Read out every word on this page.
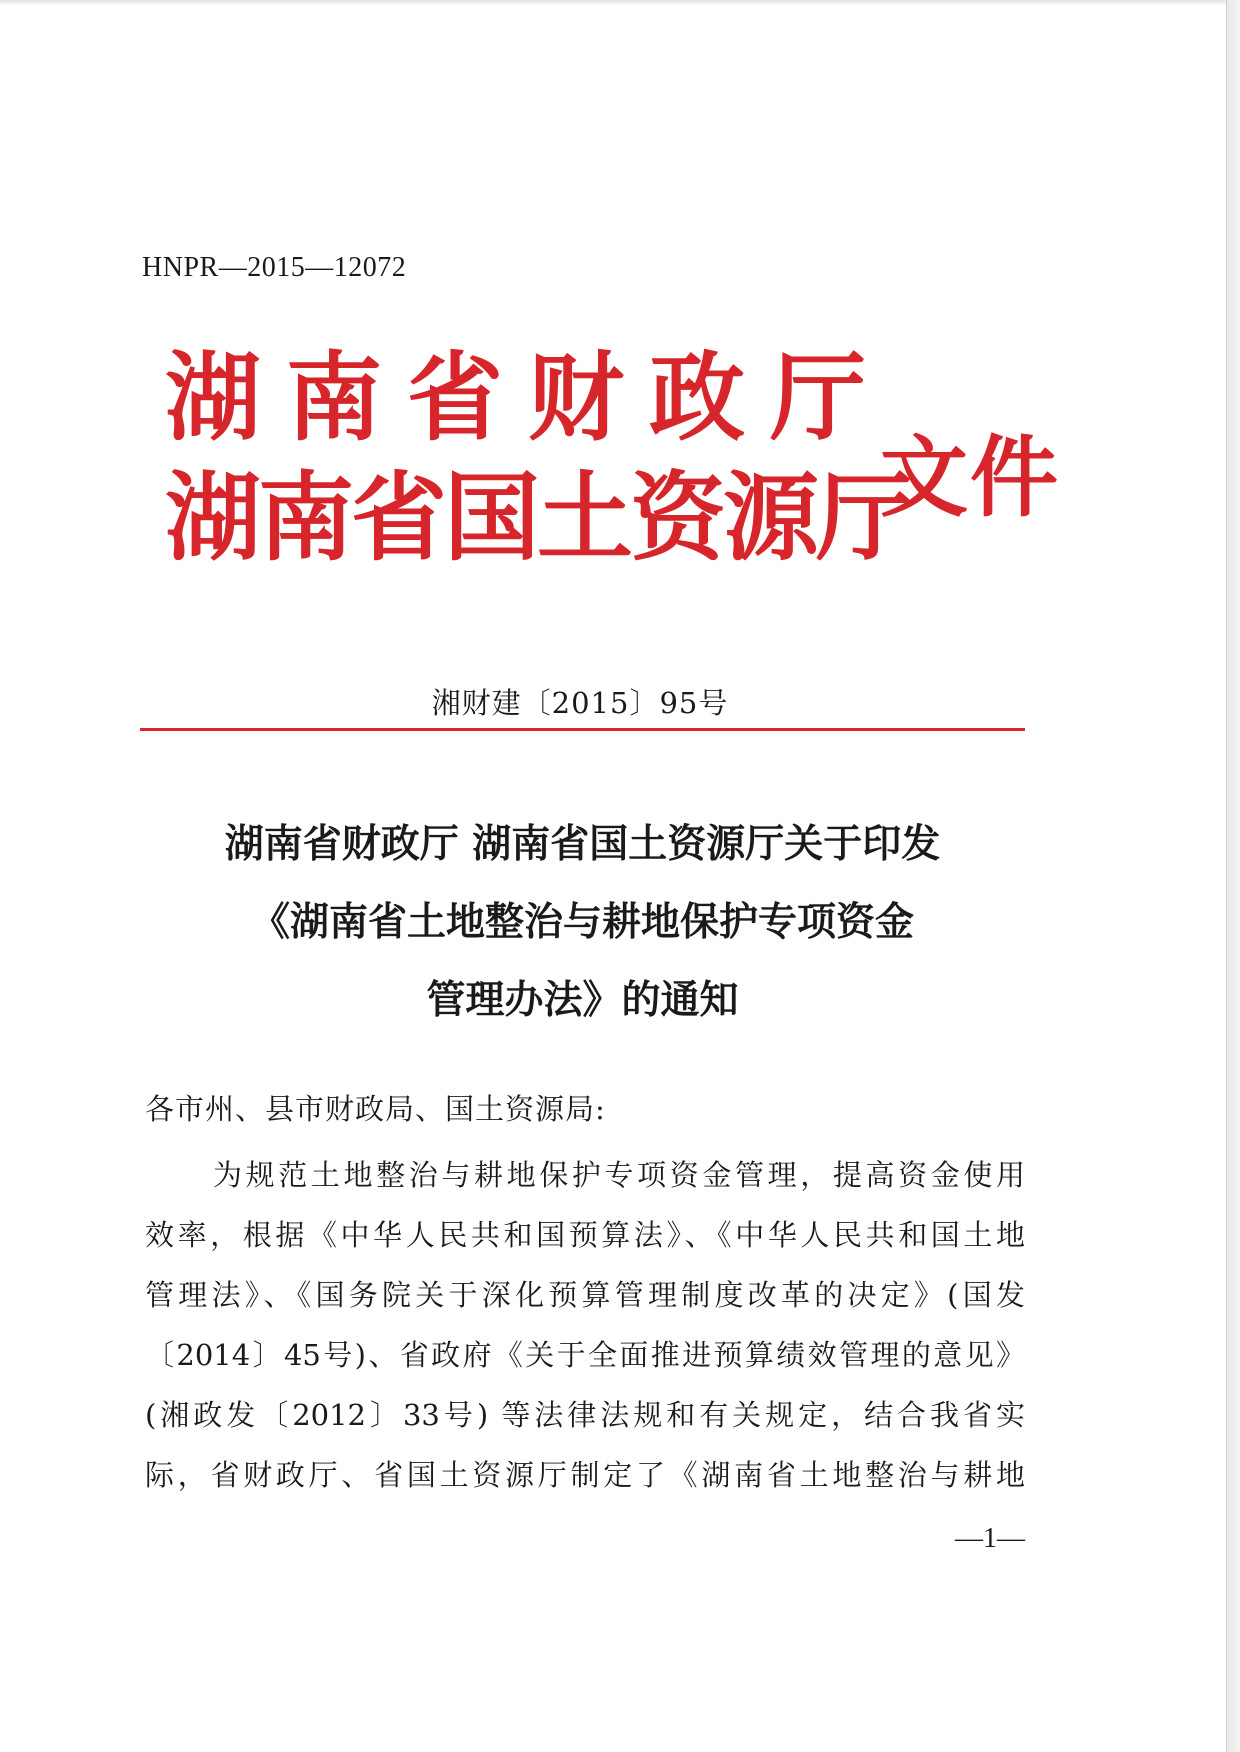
HNPR—2015—12072
湖南省财政厅
湖南省国土资源厅
文件
湘财建〔2015〕95号
湖南省财政厅 湖南省国土资源厅关于印发
《湖南省土地整治与耕地保护专项资金
管理办法》的通知
各市州、县市财政局、国土资源局:
为规范土地整治与耕地保护专项资金管理，提高资金使用
效率，根据《中华人民共和国预算法》、《中华人民共和国土地
管理法》、《国务院关于深化预算管理制度改革的决定》(国发
〔2014〕45号)、省政府《关于全面推进预算绩效管理的意见》
(湘政发〔2012〕33号) 等法律法规和有关规定，结合我省实
际，省财政厅、省国土资源厅制定了《湖南省土地整治与耕地
—1—
